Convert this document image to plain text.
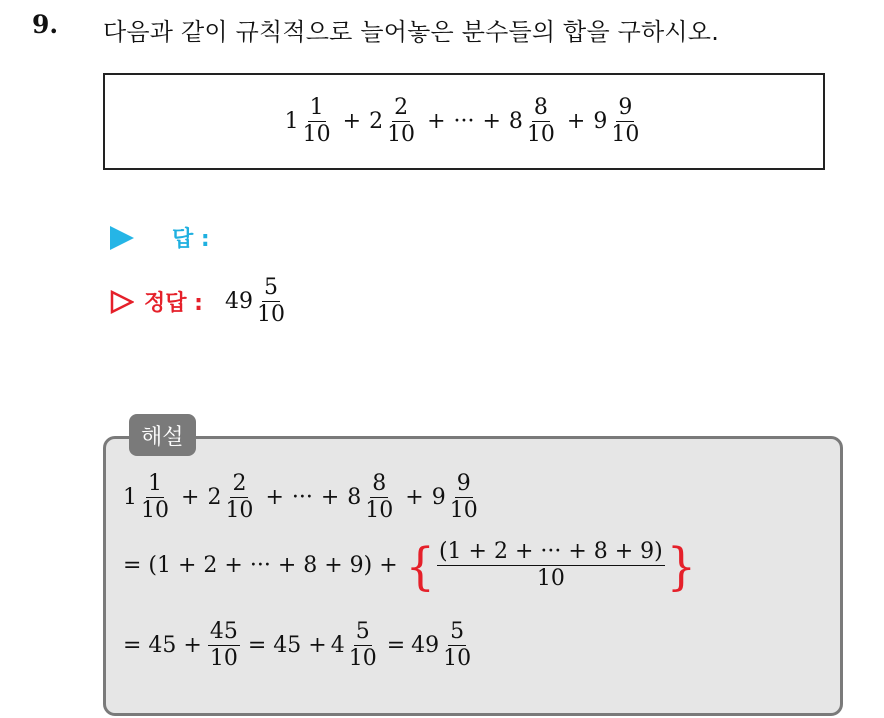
9. 다음과 같이 규칙적으로 늘어놓은 분수들의 합을 구하시오.
$1 \frac{1}{10} + 2 \frac{2}{10}$ + ··· + $8 \frac{8}{10} + 9 \frac{9}{10}$
답 :
정답 : $49 \frac{5}{10}$
해설
$1 \frac{1}{10} + 2 \frac{2}{10}$ + ··· + $8 \frac{8}{10} + 9 \frac{9}{10}$
= (1 + 2 + ··· + 8 + 9) + { $\frac{(1 + 2 + \cdot\cdot\cdot + 8 + 9)}{10}$ }
= $45 + \frac{45}{10} = 45 + 4 \frac{5}{10} = 49 \frac{5}{10}$
